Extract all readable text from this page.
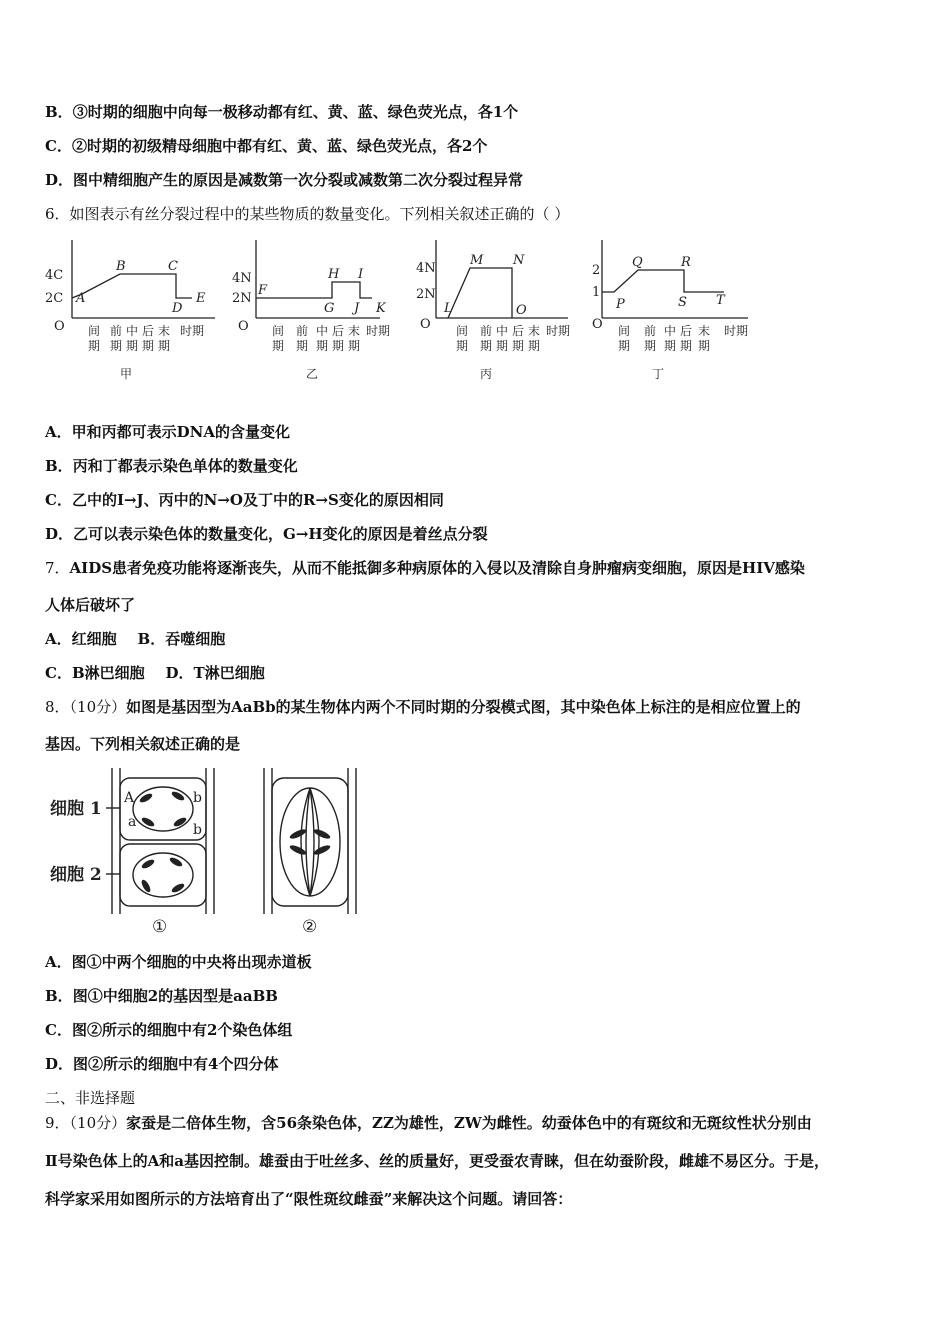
B．③时期的细胞中向每一极移动都有红、黄、蓝、绿色荧光点，各1个
C．②时期的初级精母细胞中都有红、黄、蓝、绿色荧光点，各2个
D．图中精细胞产生的原因是减数第一次分裂或减数第二次分裂过程异常
6．如图表示有丝分裂过程中的某些物质的数量变化。下列相关叙述正确的（ ）
4C
2C
4N
2N
4N
2N
2
1
A
B	C
D
E
F
G
H I
J K	L
M N
O	P
Q	R
S T
O	O	O	O
间
期
前
期
中
期
后
期
末
期
时期	间
期
前
期
中
期
后
期
末
期
时期	间
期
前
期
中
期
后
期
末
期
时期	间
期
前
期
中
期
后
期
末
期
时期
甲	乙	丙	丁
A．甲和丙都可表示DNA的含量变化
B．丙和丁都表示染色单体的数量变化
C．乙中的I→J、丙中的N→O及丁中的R→S变化的原因相同
D．乙可以表示染色体的数量变化，G→H变化的原因是着丝点分裂
7．AIDS患者免疫功能将逐渐丧失，从而不能抵御多种病原体的入侵以及清除自身肿瘤病变细胞，原因是HIV感染
人体后破坏了
A．红细胞 B．吞噬细胞
C．B淋巴细胞 D．T淋巴细胞
8．（10分）如图是基因型为AaBb的某生物体内两个不同时期的分裂模式图，其中染色体上标注的是相应位置上的
基因。下列相关叙述正确的是
细胞 1
细胞 2
A
a
b
b
①	②
A．图①中两个细胞的中央将出现赤道板
B．图①中细胞2的基因型是aaBB
C．图②所示的细胞中有2个染色体组
D．图②所示的细胞中有4个四分体
二、非选择题
9．（10分）家蚕是二倍体生物，含56条染色体，ZZ为雄性，ZW为雌性。幼蚕体色中的有斑纹和无斑纹性状分别由
Ⅱ号染色体上的A和a基因控制。雄蚕由于吐丝多、丝的质量好，更受蚕农青睐，但在幼蚕阶段，雌雄不易区分。于是，
科学家采用如图所示的方法培育出了“限性斑纹雌蚕”来解决这个问题。请回答：
